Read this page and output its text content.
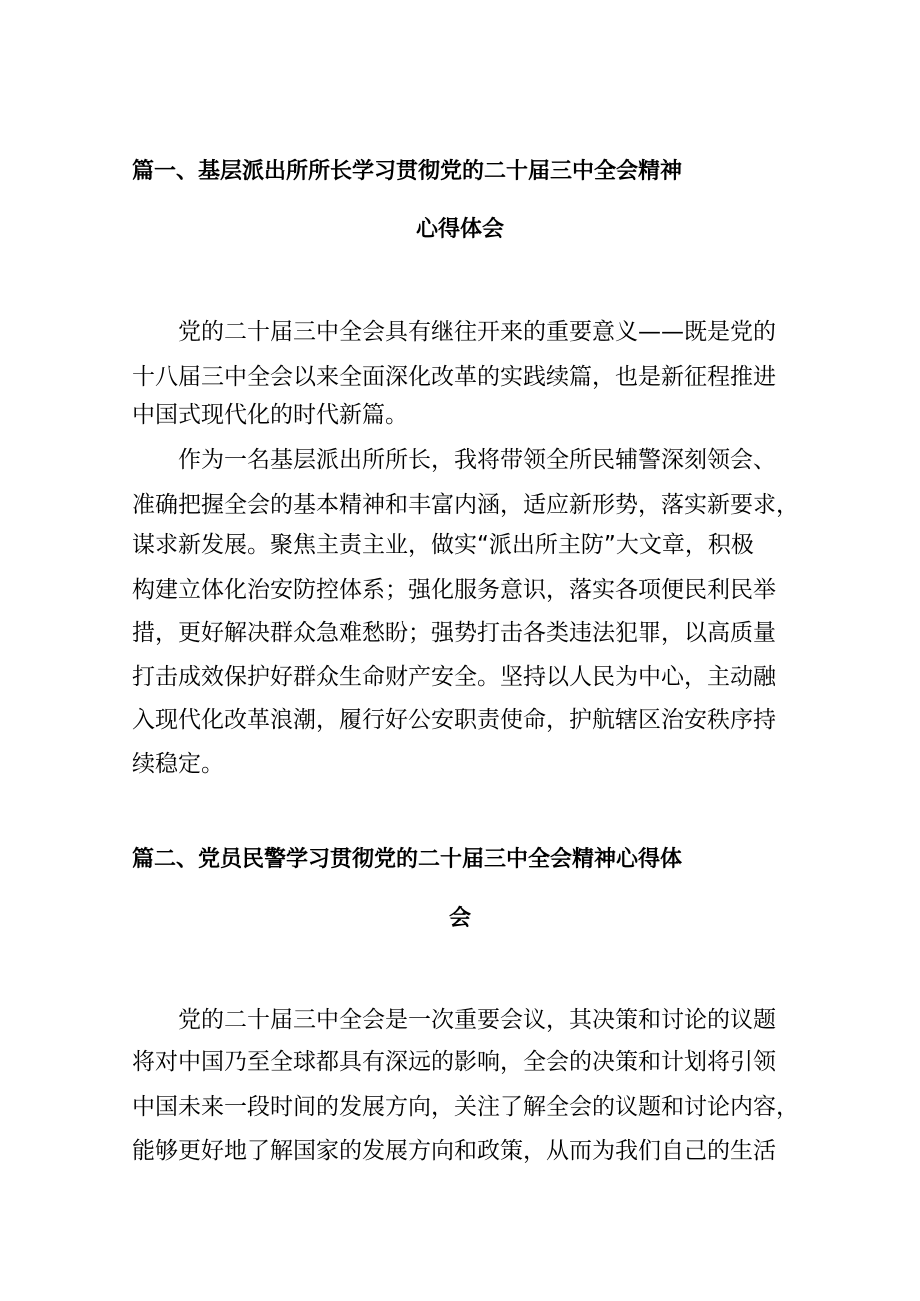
篇一、基层派出所所长学习贯彻党的二十届三中全会精神
心得体会
　　党的二十届三中全会具有继往开来的重要意义——既是党的
十八届三中全会以来全面深化改革的实践续篇，也是新征程推进
中国式现代化的时代新篇。
　　作为一名基层派出所所长，我将带领全所民辅警深刻领会、
准确把握全会的基本精神和丰富内涵，适应新形势，落实新要求，
谋求新发展。聚焦主责主业，做实“派出所主防”大文章，积极
构建立体化治安防控体系；强化服务意识，落实各项便民利民举
措，更好解决群众急难愁盼；强势打击各类违法犯罪，以高质量
打击成效保护好群众生命财产安全。坚持以人民为中心，主动融
入现代化改革浪潮，履行好公安职责使命，护航辖区治安秩序持
续稳定。
篇二、党员民警学习贯彻党的二十届三中全会精神心得体
会
　　党的二十届三中全会是一次重要会议，其决策和讨论的议题
将对中国乃至全球都具有深远的影响，全会的决策和计划将引领
中国未来一段时间的发展方向，关注了解全会的议题和讨论内容，
能够更好地了解国家的发展方向和政策，从而为我们自己的生活
